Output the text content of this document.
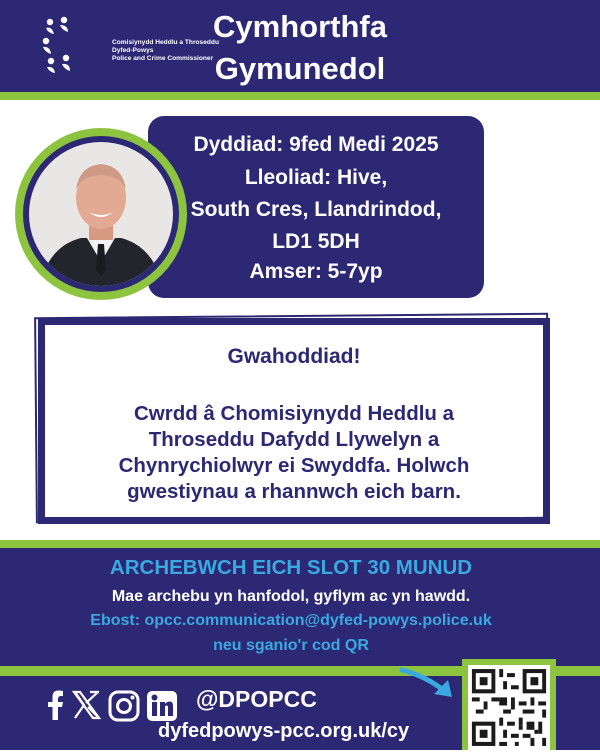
Comisiynydd Heddlu a Throseddu
Dyfed-Powys
Police and Crime Commissioner
Cymhorthfa
Gymunedol
Dyddiad: 9fed Medi 2025
Lleoliad: Hive,
South Cres, Llandrindod,
LD1 5DH
Amser: 5-7yp
Gwahoddiad!
Cwrdd â Chomisiynydd Heddlu a
Throseddu Dafydd Llywelyn a
Chynrychiolwyr ei Swyddfa. Holwch
gwestiynau a rhannwch eich barn.
ARCHEBWCH EICH SLOT 30 MUNUD
Mae archebu yn hanfodol, gyflym ac yn hawdd.
Ebost: opcc.communication@dyfed-powys.police.uk
neu sganio'r cod QR
@DPOPCC
dyfedpowys-pcc.org.uk/cy
